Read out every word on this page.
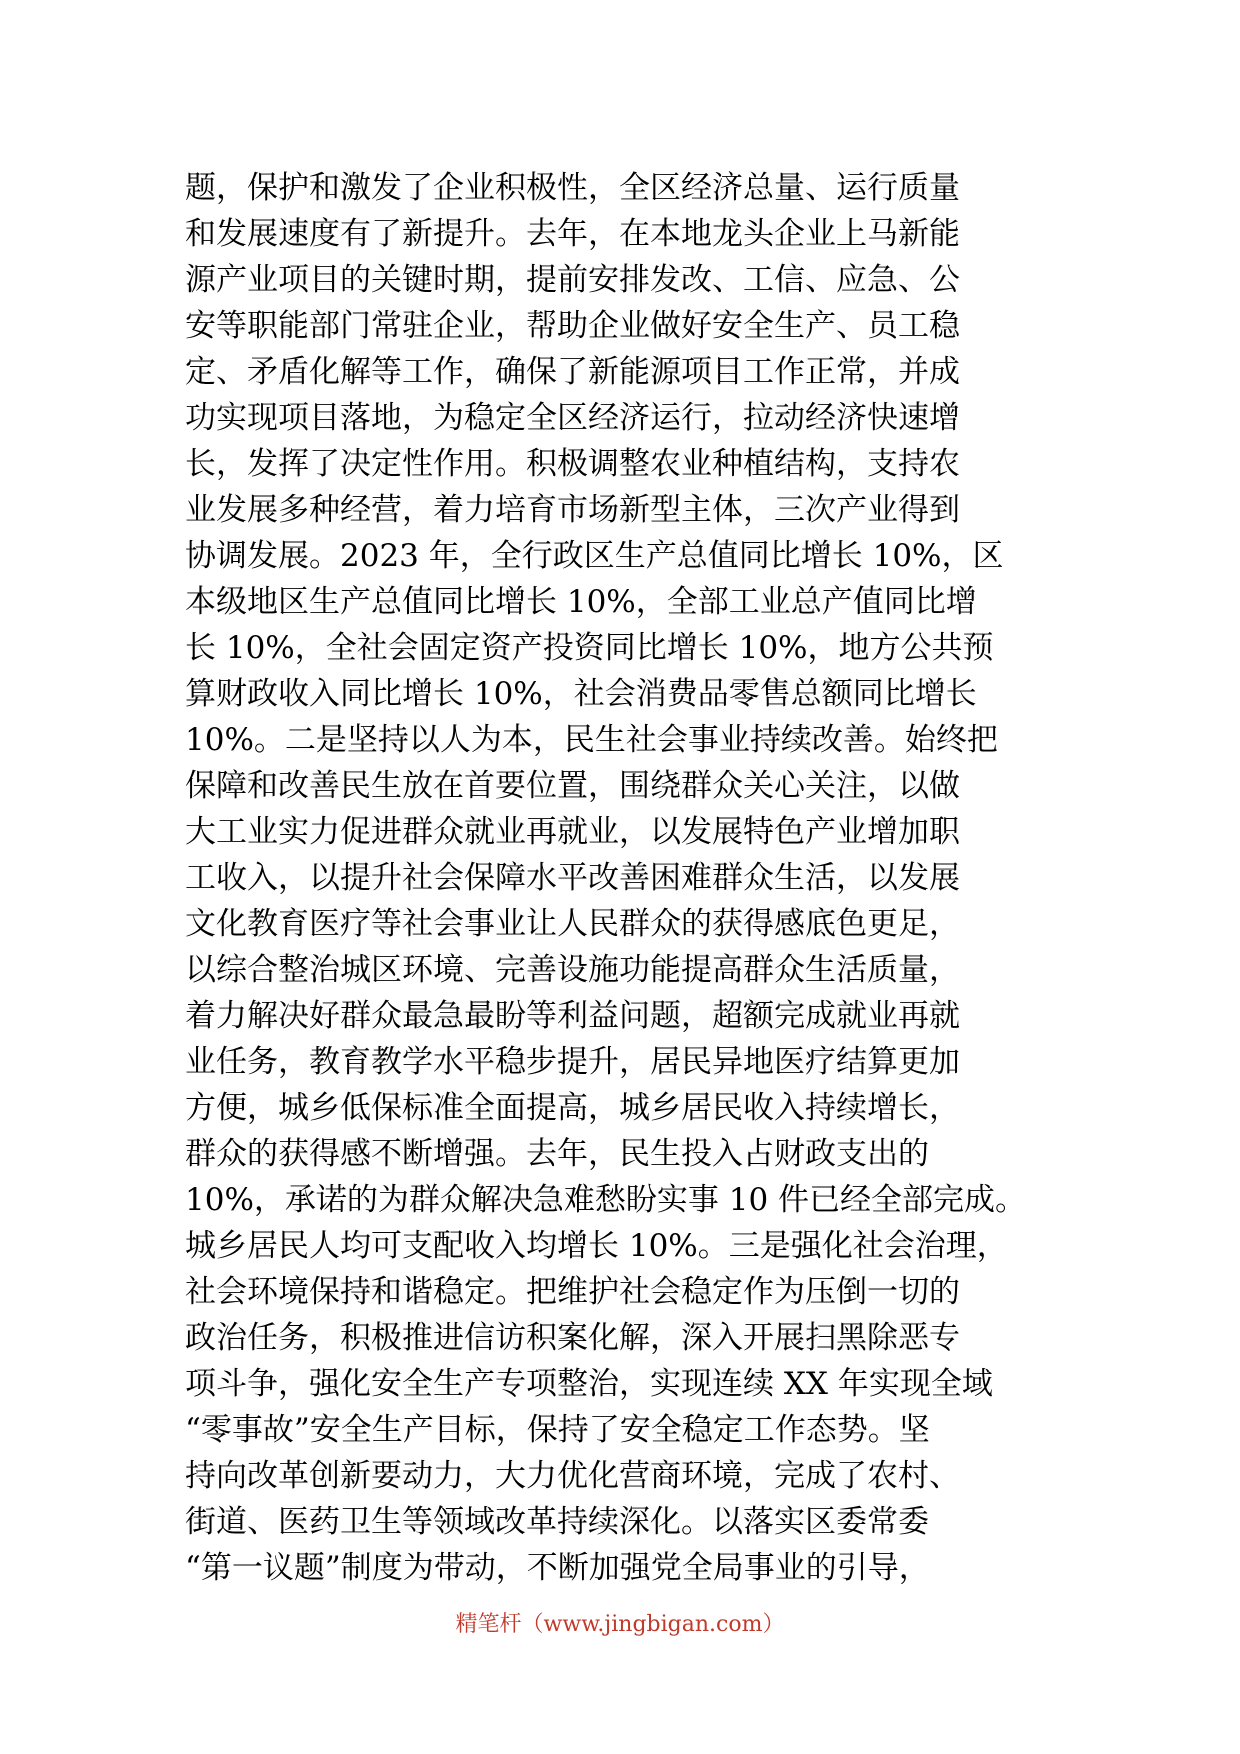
题，保护和激发了企业积极性，全区经济总量、运行质量
和发展速度有了新提升。去年，在本地龙头企业上马新能
源产业项目的关键时期，提前安排发改、工信、应急、公
安等职能部门常驻企业，帮助企业做好安全生产、员工稳
定、矛盾化解等工作，确保了新能源项目工作正常，并成
功实现项目落地，为稳定全区经济运行，拉动经济快速增
长，发挥了决定性作用。积极调整农业种植结构，支持农
业发展多种经营，着力培育市场新型主体，三次产业得到
协调发展。2023 年，全行政区生产总值同比增长 10%，区
本级地区生产总值同比增长 10%，全部工业总产值同比增
长 10%，全社会固定资产投资同比增长 10%，地方公共预
算财政收入同比增长 10%，社会消费品零售总额同比增长
10%。二是坚持以人为本，民生社会事业持续改善。始终把
保障和改善民生放在首要位置，围绕群众关心关注，以做
大工业实力促进群众就业再就业，以发展特色产业增加职
工收入，以提升社会保障水平改善困难群众生活，以发展
文化教育医疗等社会事业让人民群众的获得感底色更足，
以综合整治城区环境、完善设施功能提高群众生活质量，
着力解决好群众最急最盼等利益问题，超额完成就业再就
业任务，教育教学水平稳步提升，居民异地医疗结算更加
方便，城乡低保标准全面提高，城乡居民收入持续增长，
群众的获得感不断增强。去年，民生投入占财政支出的
10%，承诺的为群众解决急难愁盼实事 10 件已经全部完成。
城乡居民人均可支配收入均增长 10%。三是强化社会治理，
社会环境保持和谐稳定。把维护社会稳定作为压倒一切的
政治任务，积极推进信访积案化解，深入开展扫黑除恶专
项斗争，强化安全生产专项整治，实现连续 XX 年实现全域
“零事故”安全生产目标，保持了安全稳定工作态势。坚
持向改革创新要动力，大力优化营商环境，完成了农村、
街道、医药卫生等领域改革持续深化。以落实区委常委
“第一议题”制度为带动，不断加强党全局事业的引导，
精笔杆（www.jingbigan.com）
